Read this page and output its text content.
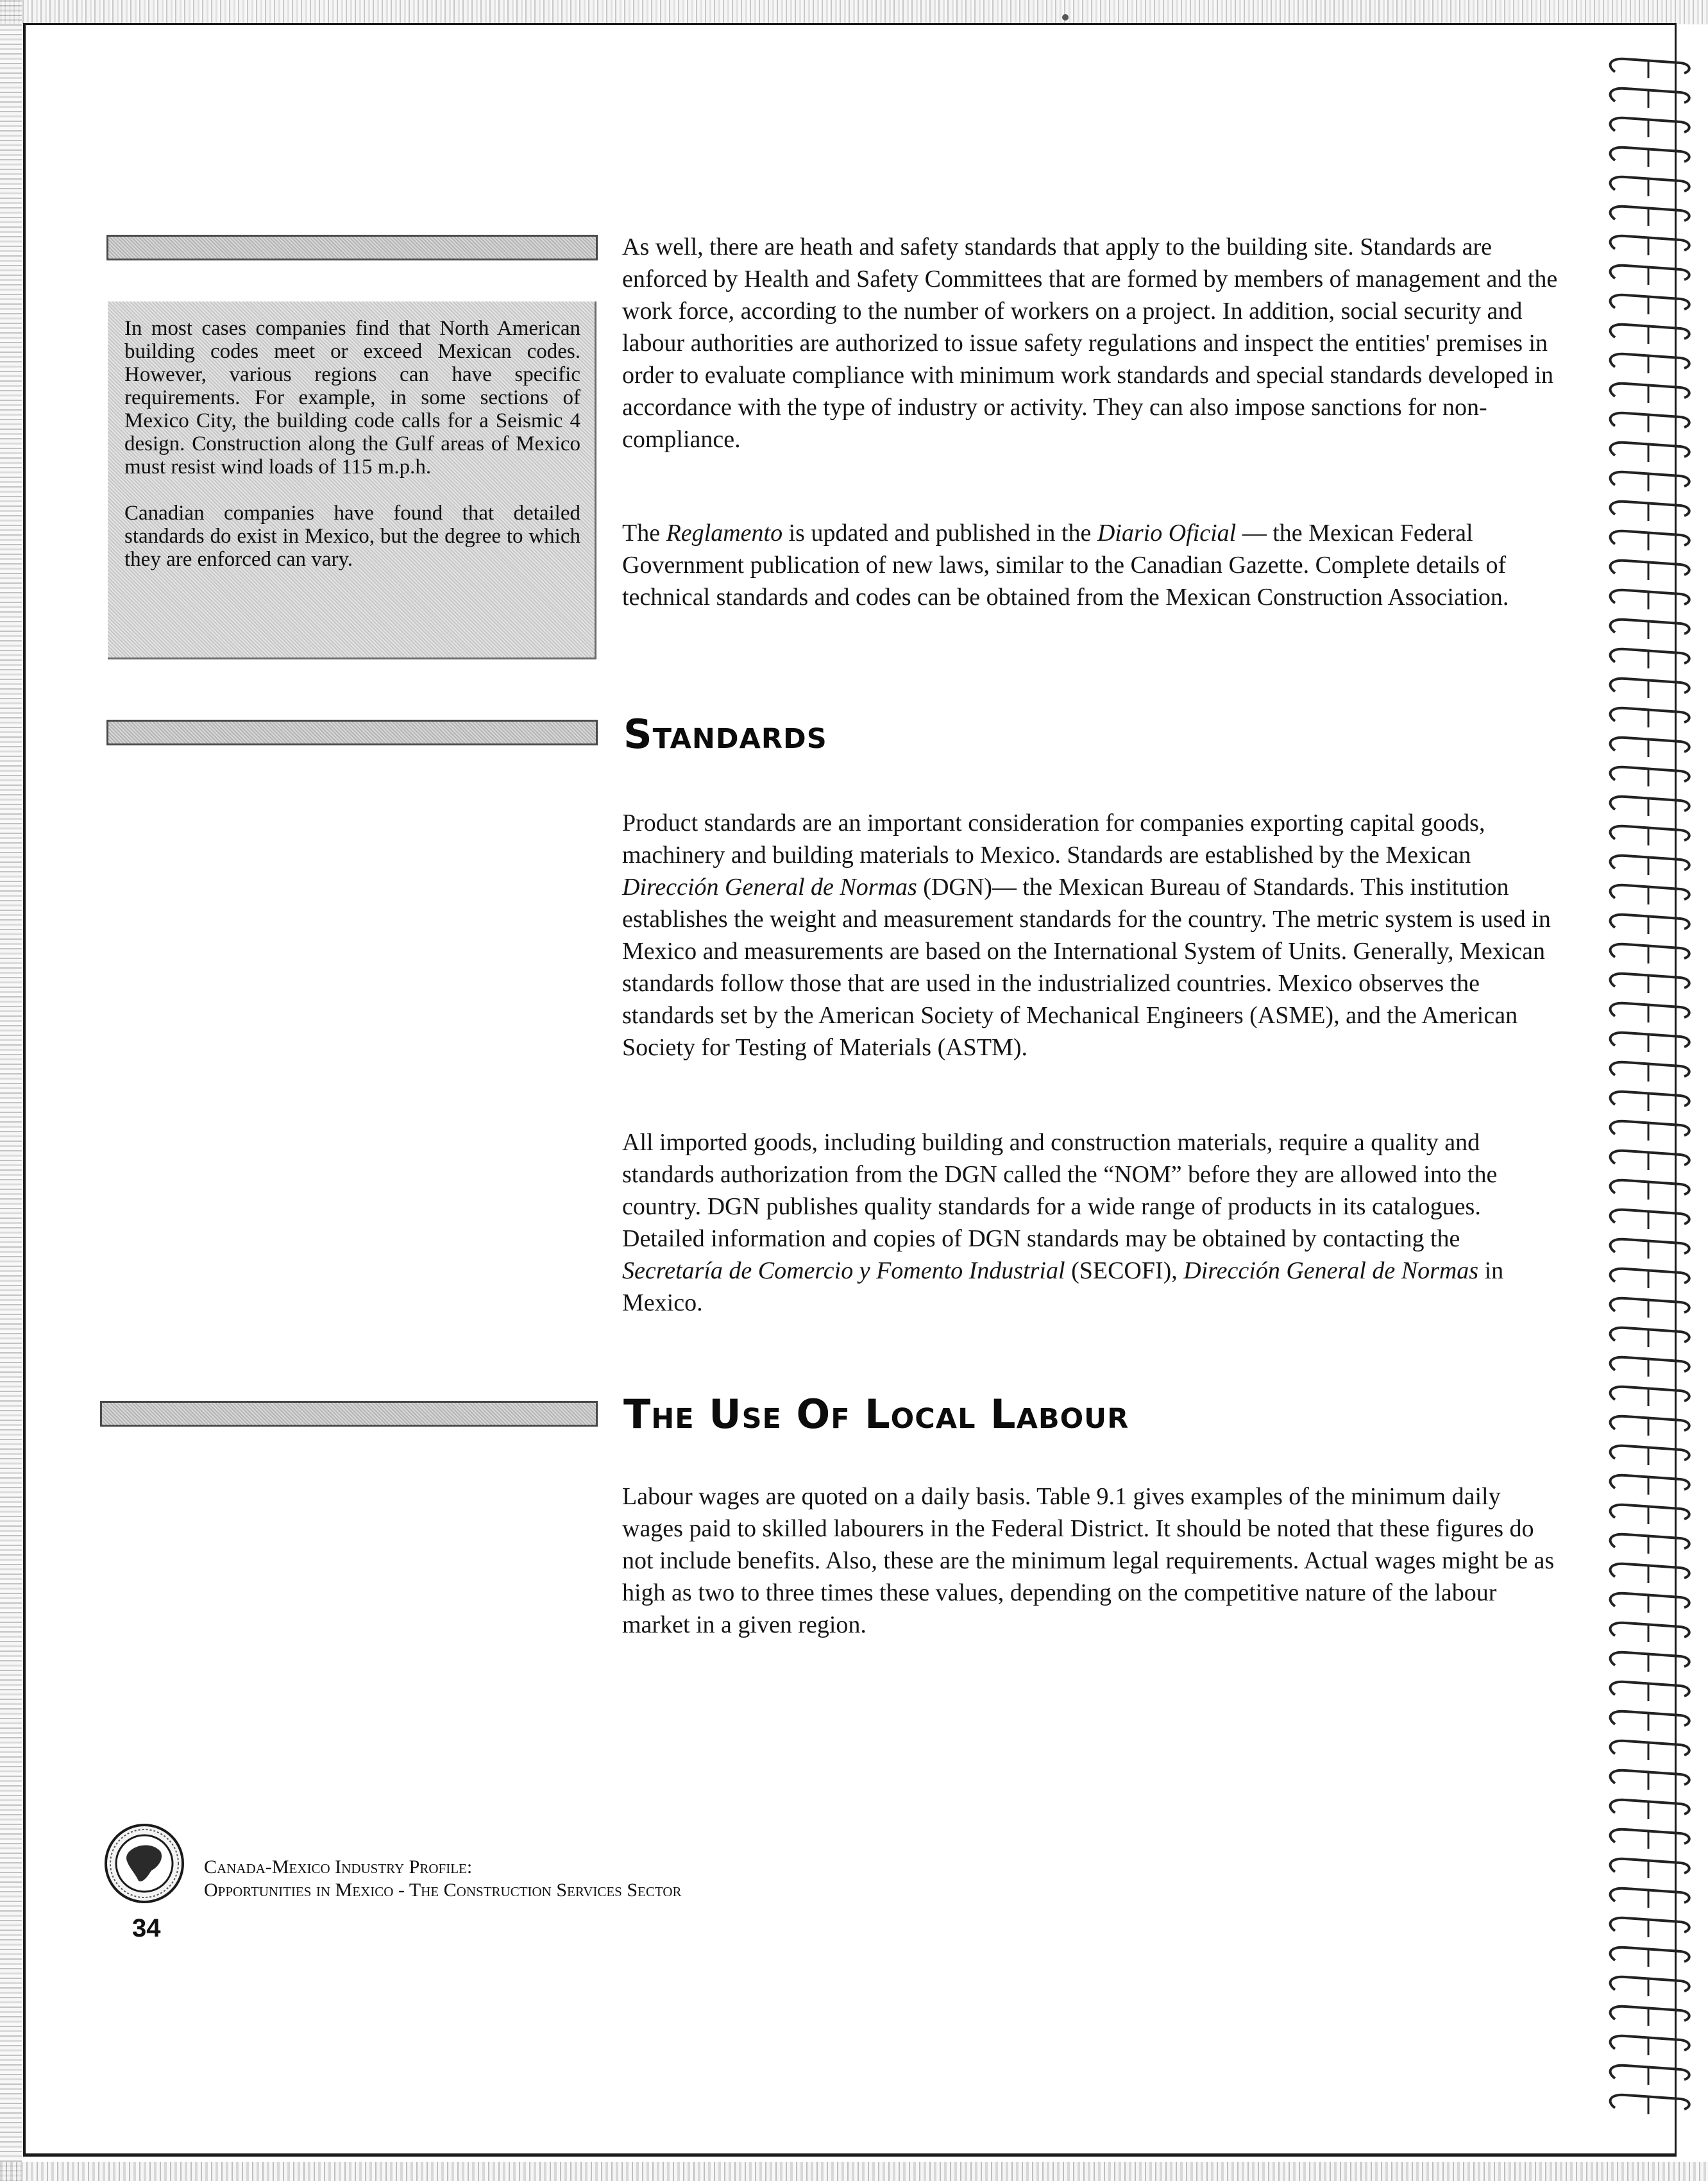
In most cases companies find that North American building codes meet or exceed Mexican codes. However, various regions can have specific requirements. For example, in some sections of Mexico City, the building code calls for a Seismic 4 design. Construction along the Gulf areas of Mexico must resist wind loads of 115 m.p.h.

Canadian companies have found that detailed standards do exist in Mexico, but the degree to which they are enforced can vary.

As well, there are heath and safety standards that apply to the building site. Standards are enforced by Health and Safety Committees that are formed by members of management and the work force, according to the number of workers on a project. In addition, social security and labour authorities are authorized to issue safety regulations and inspect the entities' premises in order to evaluate compliance with minimum work standards and special standards developed in accordance with the type of industry or activity. They can also impose sanctions for non-compliance.

The Reglamento is updated and published in the Diario Oficial — the Mexican Federal Government publication of new laws, similar to the Canadian Gazette. Complete details of technical standards and codes can be obtained from the Mexican Construction Association.

Standards

Product standards are an important consideration for companies exporting capital goods, machinery and building materials to Mexico. Standards are established by the Mexican Dirección General de Normas (DGN)— the Mexican Bureau of Standards. This institution establishes the weight and measurement standards for the country. The metric system is used in Mexico and measurements are based on the International System of Units. Generally, Mexican standards follow those that are used in the industrialized countries. Mexico observes the standards set by the American Society of Mechanical Engineers (ASME), and the American Society for Testing of Materials (ASTM).

All imported goods, including building and construction materials, require a quality and standards authorization from the DGN called the “NOM” before they are allowed into the country. DGN publishes quality standards for a wide range of products in its catalogues. Detailed information and copies of DGN standards may be obtained by contacting the Secretaría de Comercio y Fomento Industrial (SECOFI), Dirección General de Normas in Mexico.

The Use Of Local Labour

Labour wages are quoted on a daily basis. Table 9.1 gives examples of the minimum daily wages paid to skilled labourers in the Federal District. It should be noted that these figures do not include benefits. Also, these are the minimum legal requirements. Actual wages might be as high as two to three times these values, depending on the competitive nature of the labour market in a given region.

Canada-Mexico Industry Profile:
Opportunities in Mexico - The Construction Services Sector

34
